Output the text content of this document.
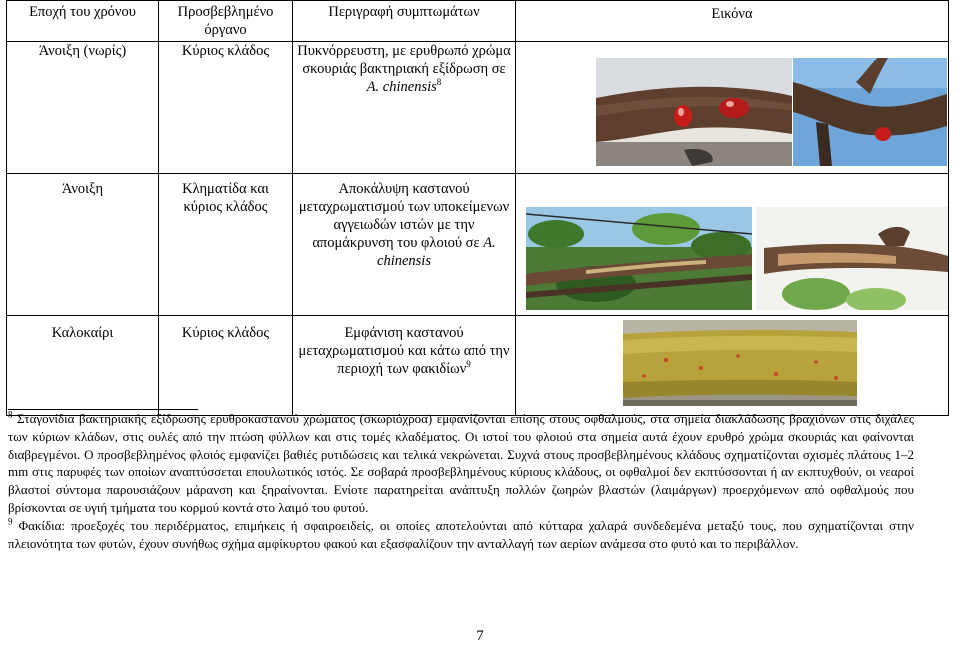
Εποχή του χρόνου	Προσβεβλημένο όργανο	Περιγραφή συμπτωμάτων	Εικόνα
Άνοιξη (νωρίς)	Κύριος κλάδος	Πυκνόρρευστη, με ερυθρωπό χρώμα σκουριάς βακτηριακή εξίδρωση σε A. chinensis$^8$	
Άνοιξη	Κληματίδα και κύριος κλάδος	Αποκάλυψη καστανού μεταχρωματισμού των υποκείμενων αγγειωδών ιστών με την απομάκρυνση του φλοιού σε A. chinensis	
Καλοκαίρι	Κύριος κλάδος	Εμφάνιση καστανού μεταχρωματισμού και κάτω από την περιοχή των φακιδίων$^9$	

$^8$ Σταγονίδια βακτηριακής εξίδρωσης ερυθροκαστανού χρώματος (σκωριόχροα) εμφανίζονται επίσης στους οφθαλμούς, στα σημεία διακλάδωσης βραχιόνων στις διχάλες των κύριων κλάδων, στις ουλές από την πτώση φύλλων και στις τομές κλαδέματος. Οι ιστοί του φλοιού στα σημεία αυτά έχουν ερυθρό χρώμα σκουριάς και φαίνονται διαβρεγμένοι. Ο προσβεβλημένος φλοιός εμφανίζει βαθιές ρυτιδώσεις και τελικά νεκρώνεται. Συχνά στους προσβεβλημένους κλάδους σχηματίζονται σχισμές πλάτους 1–2 mm στις παρυφές των οποίων αναπτύσσεται επουλωτικός ιστός. Σε σοβαρά προσβεβλημένους κύριους κλάδους, οι οφθαλμοί δεν εκπτύσσονται ή αν εκπτυχθούν, οι νεαροί βλαστοί σύντομα παρουσιάζουν μάρανση και ξηραίνονται. Ενίοτε παρατηρείται ανάπτυξη πολλών ζωηρών βλαστών (λαιμάργων) προερχόμενων από οφθαλμούς που βρίσκονται σε υγιή τμήματα του κορμού κοντά στο λαιμό του φυτού.

$^9$ Φακίδια: προεξοχές του περιδέρματος, επιμήκεις ή σφαιροειδείς, οι οποίες αποτελούνται από κύτταρα χαλαρά συνδεδεμένα μεταξύ τους, που σχηματίζονται στην πλειονότητα των φυτών, έχουν συνήθως σχήμα αμφίκυρτου φακού και εξασφαλίζουν την ανταλλαγή των αερίων ανάμεσα στο φυτό και το περιβάλλον.

7
